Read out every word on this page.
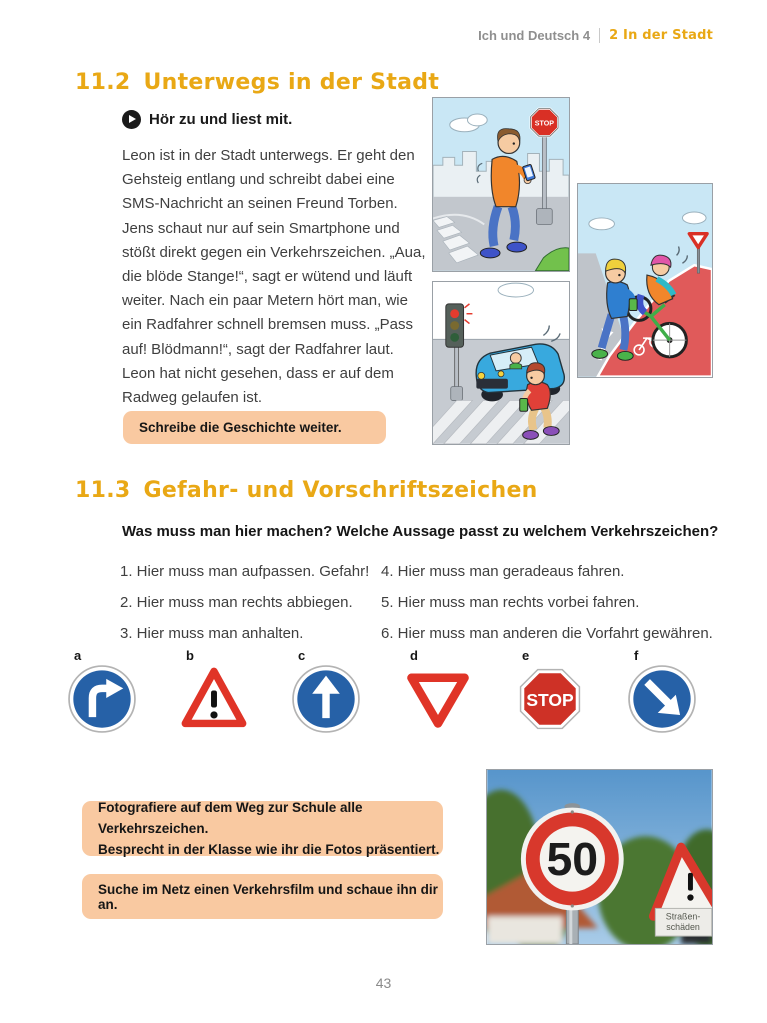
Ich und Deutsch 4 2 In der Stadt
11.2 Unterwegs in der Stadt
Hör zu und liest mit.
Leon ist in der Stadt unterwegs. Er geht den Gehsteig entlang und schreibt dabei eine SMS-Nachricht an seinen Freund Torben. Jens schaut nur auf sein Smartphone und stößt direkt gegen ein Verkehrszeichen. „Aua, die blöde Stange!“, sagt er wütend und läuft weiter. Nach ein paar Metern hört man, wie ein Radfahrer schnell bremsen muss. „Pass auf! Blödmann!“, sagt der Radfahrer laut. Leon hat nicht gesehen, dass er auf dem Radweg gelaufen ist.
Schreibe die Geschichte weiter.
11.3 Gefahr- und Vorschriftszeichen
Was muss man hier machen? Welche Aussage passt zu welchem Verkehrszeichen?
1. Hier muss man aufpassen. Gefahr!
2. Hier muss man rechts abbiegen.
3. Hier muss man anhalten.
4. Hier muss man geradeaus fahren.
5. Hier muss man rechts vorbei fahren.
6. Hier muss man anderen die Vorfahrt gewähren.
a	b	c	d	e
STOP
f
Fotografiere auf dem Weg zur Schule alle Verkehrszeichen.
Besprecht in der Klasse wie ihr die Fotos präsentiert.
Suche im Netz einen Verkehrsfilm und schaue ihn dir an.
STOP
Straßen-
schäden
50
43
